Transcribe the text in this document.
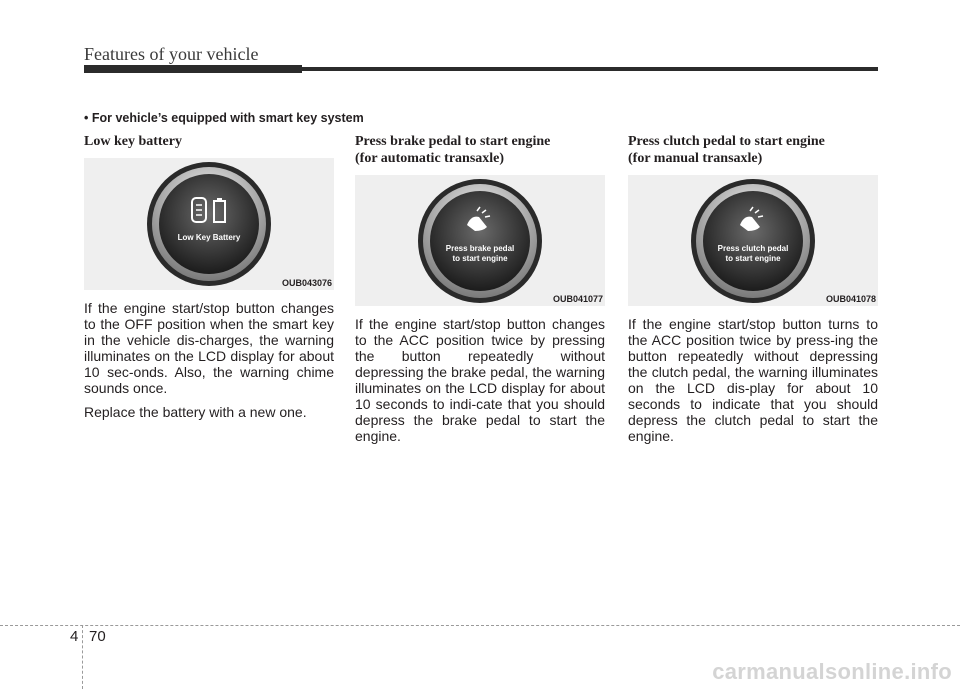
Features of your vehicle
• For vehicle’s equipped with smart key system
Low key battery
Low Key Battery
OUB043076

If the engine start/stop button changes to the OFF position when the smart key in the vehicle dis-charges, the warning illuminates on the LCD display for about 10 sec-onds. Also, the warning chime sounds once.

Replace the battery with a new one.

Press brake pedal to start engine
(for automatic transaxle)
Press brake pedal
to start engine
OUB041077

If the engine start/stop button changes to the ACC position twice by pressing the button repeatedly without depressing the brake pedal, the warning illuminates on the LCD display for about 10 seconds to indi-cate that you should depress the brake pedal to start the engine.

Press clutch pedal to start engine
(for manual transaxle)
Press clutch pedal
to start engine
OUB041078

If the engine start/stop button turns to the ACC position twice by press-ing the button repeatedly without depressing the clutch pedal, the warning illuminates on the LCD dis-play for about 10 seconds to indicate that you should depress the clutch pedal to start the engine.

4 70
carmanualsonline.info
